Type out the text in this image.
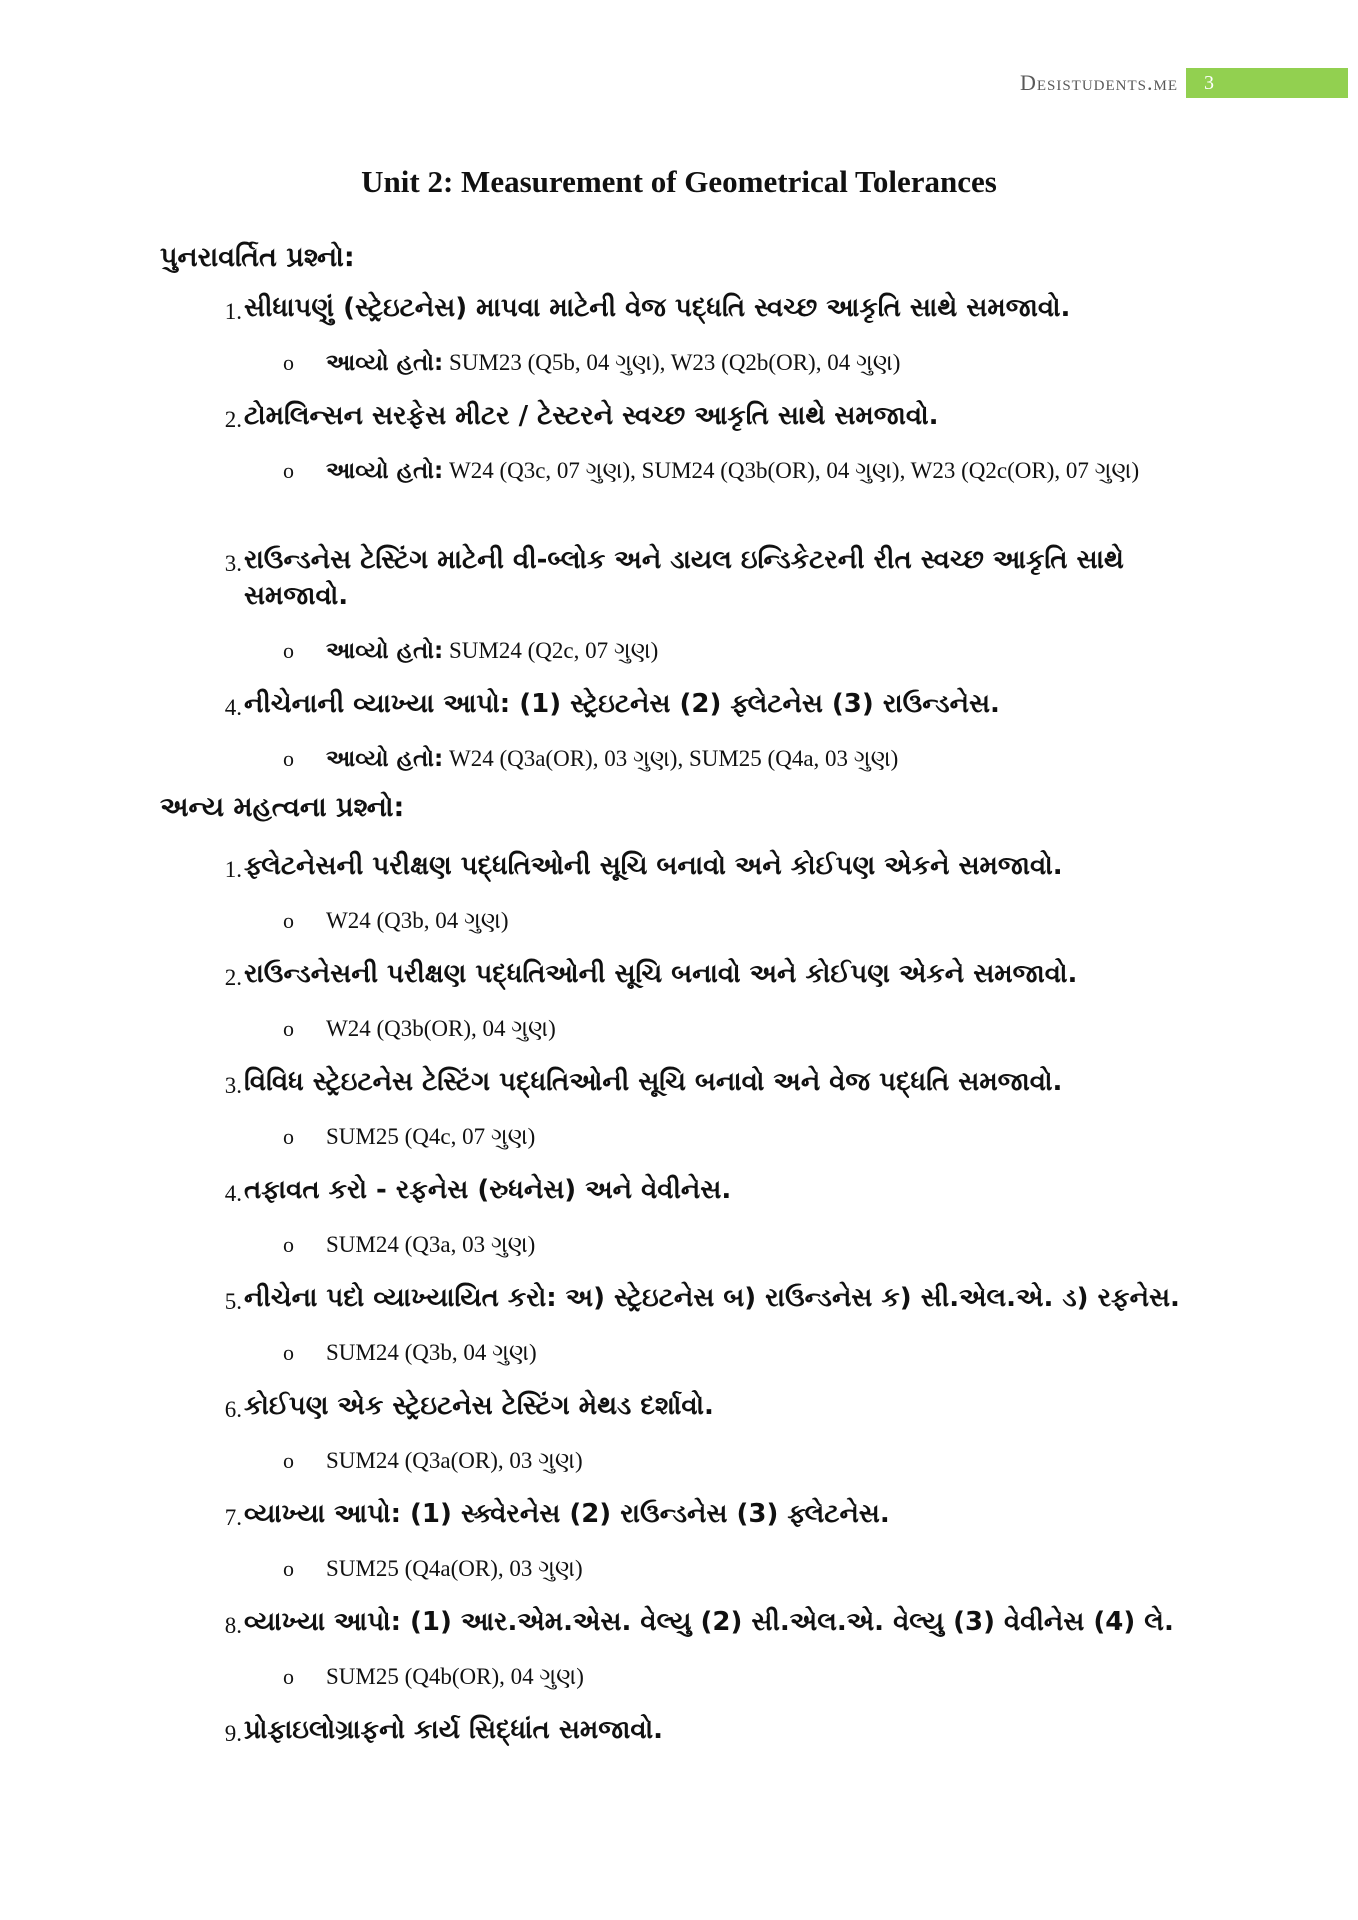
Desistudents.me	3
Unit 2: Measurement of Geometrical Tolerances
પુનરાવર્તિત પ્રશ્નો:
1. સીધાપણું (સ્ટ્રેઇટનેસ) માપવા માટેની વેજ પદ્ધતિ સ્વચ્છ આકૃતિ સાથે સમજાવો.
o આવ્યો હતો: SUM23 (Q5b, 04 ગુણ), W23 (Q2b(OR), 04 ગુણ)
2. ટોમલિન્સન સરફેસ મીટર / ટેસ્ટરને સ્વચ્છ આકૃતિ સાથે સમજાવો.
o આવ્યો હતો: W24 (Q3c, 07 ગુણ), SUM24 (Q3b(OR), 04 ગુણ), W23 (Q2c(OR), 07 ગુણ)
3. રાઉન્ડનેસ ટેસ્ટિંગ માટેની વી-બ્લોક અને ડાયલ ઇન્ડિકેટરની રીત સ્વચ્છ આકૃતિ સાથે સમજાવો.
o આવ્યો હતો: SUM24 (Q2c, 07 ગુણ)
4. નીચેનાની વ્યાખ્યા આપો: (1) સ્ટ્રેઇટનેસ (2) ફ્લેટનેસ (3) રાઉન્ડનેસ.
o આવ્યો હતો: W24 (Q3a(OR), 03 ગુણ), SUM25 (Q4a, 03 ગુણ)
અન્ય મહત્વના પ્રશ્નો:
1. ફ્લેટનેસની પરીક્ષણ પદ્ધતિઓની સૂચિ બનાવો અને કોઈપણ એકને સમજાવો.
o W24 (Q3b, 04 ગુણ)
2. રાઉન્ડનેસની પરીક્ષણ પદ્ધતિઓની સૂચિ બનાવો અને કોઈપણ એકને સમજાવો.
o W24 (Q3b(OR), 04 ગુણ)
3. વિવિધ સ્ટ્રેઇટનેસ ટેસ્ટિંગ પદ્ધતિઓની સૂચિ બનાવો અને વેજ પદ્ધતિ સમજાવો.
o SUM25 (Q4c, 07 ગુણ)
4. તફાવત કરો - રફનેસ (રુધનેસ) અને વેવીનેસ.
o SUM24 (Q3a, 03 ગુણ)
5. નીચેના પદો વ્યાખ્યાયિત કરો: અ) સ્ટ્રેઇટનેસ બ) રાઉન્ડનેસ ક) સી.એલ.એ. ડ) રફનેસ.
o SUM24 (Q3b, 04 ગુણ)
6. કોઈપણ એક સ્ટ્રેઇટનેસ ટેસ્ટિંગ મેથડ દર્શાવો.
o SUM24 (Q3a(OR), 03 ગુણ)
7. વ્યાખ્યા આપો: (1) સ્ક્વેરનેસ (2) રાઉન્ડનેસ (3) ફ્લેટનેસ.
o SUM25 (Q4a(OR), 03 ગુણ)
8. વ્યાખ્યા આપો: (1) આર.એમ.એસ. વેલ્યુ (2) સી.એલ.એ. વેલ્યુ (3) વેવીનેસ (4) લે.
o SUM25 (Q4b(OR), 04 ગુણ)
9. પ્રોફાઇલોગ્રાફનો કાર્ય સિદ્ધાંત સમજાવો.
